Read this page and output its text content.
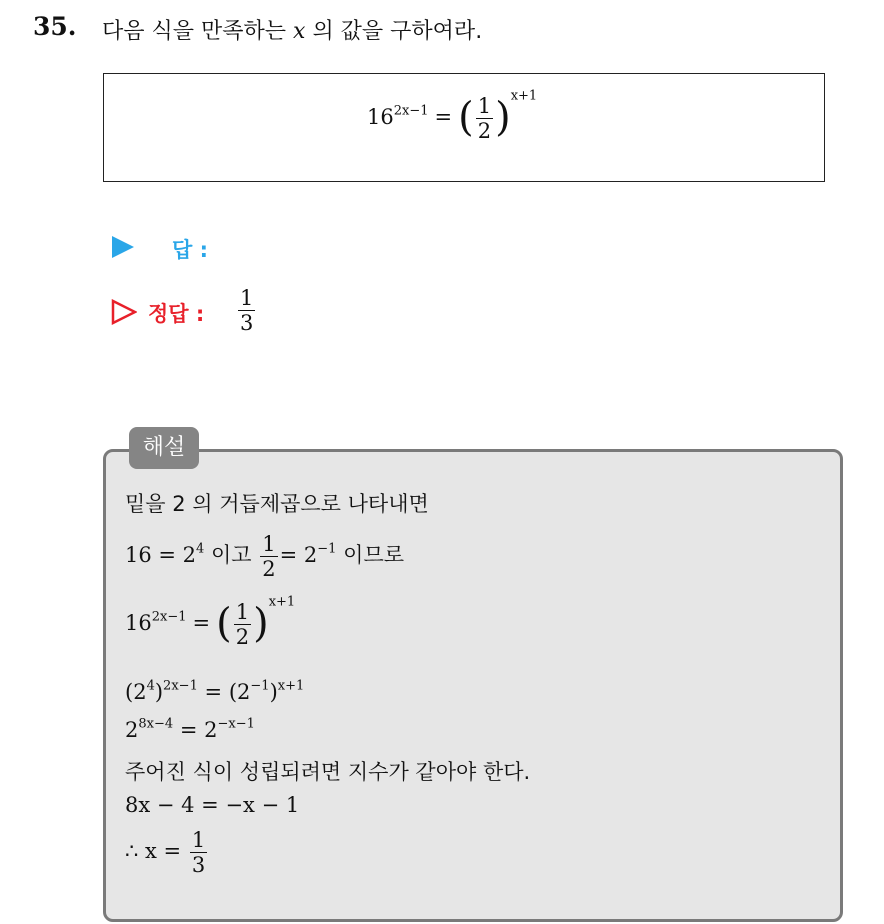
35. 다음 식을 만족하는 x 의 값을 구하여라.
$16^{2x-1}$ = ( $\frac{1}{2} )^{x+1}$
답 :
정답 : $\frac{1}{3}$
해설
밑을 2 의 거듭제곱으로 나타내면
$16 = 2^4$ 이고 $\frac{1}{2} = 2^{-1}$ 이므로
$16^{2x-1}$ = ( $\frac{1}{2} )^{x+1}$
$(2^4)^{2x-1} = (2^{-1})^{x+1}$
$2^{8x-4} = 2^{-x-1}$
주어진 식이 성립되려면 지수가 같아야 한다.
8x − 4 = −x − 1
∴ $x = \frac{1}{3}$
